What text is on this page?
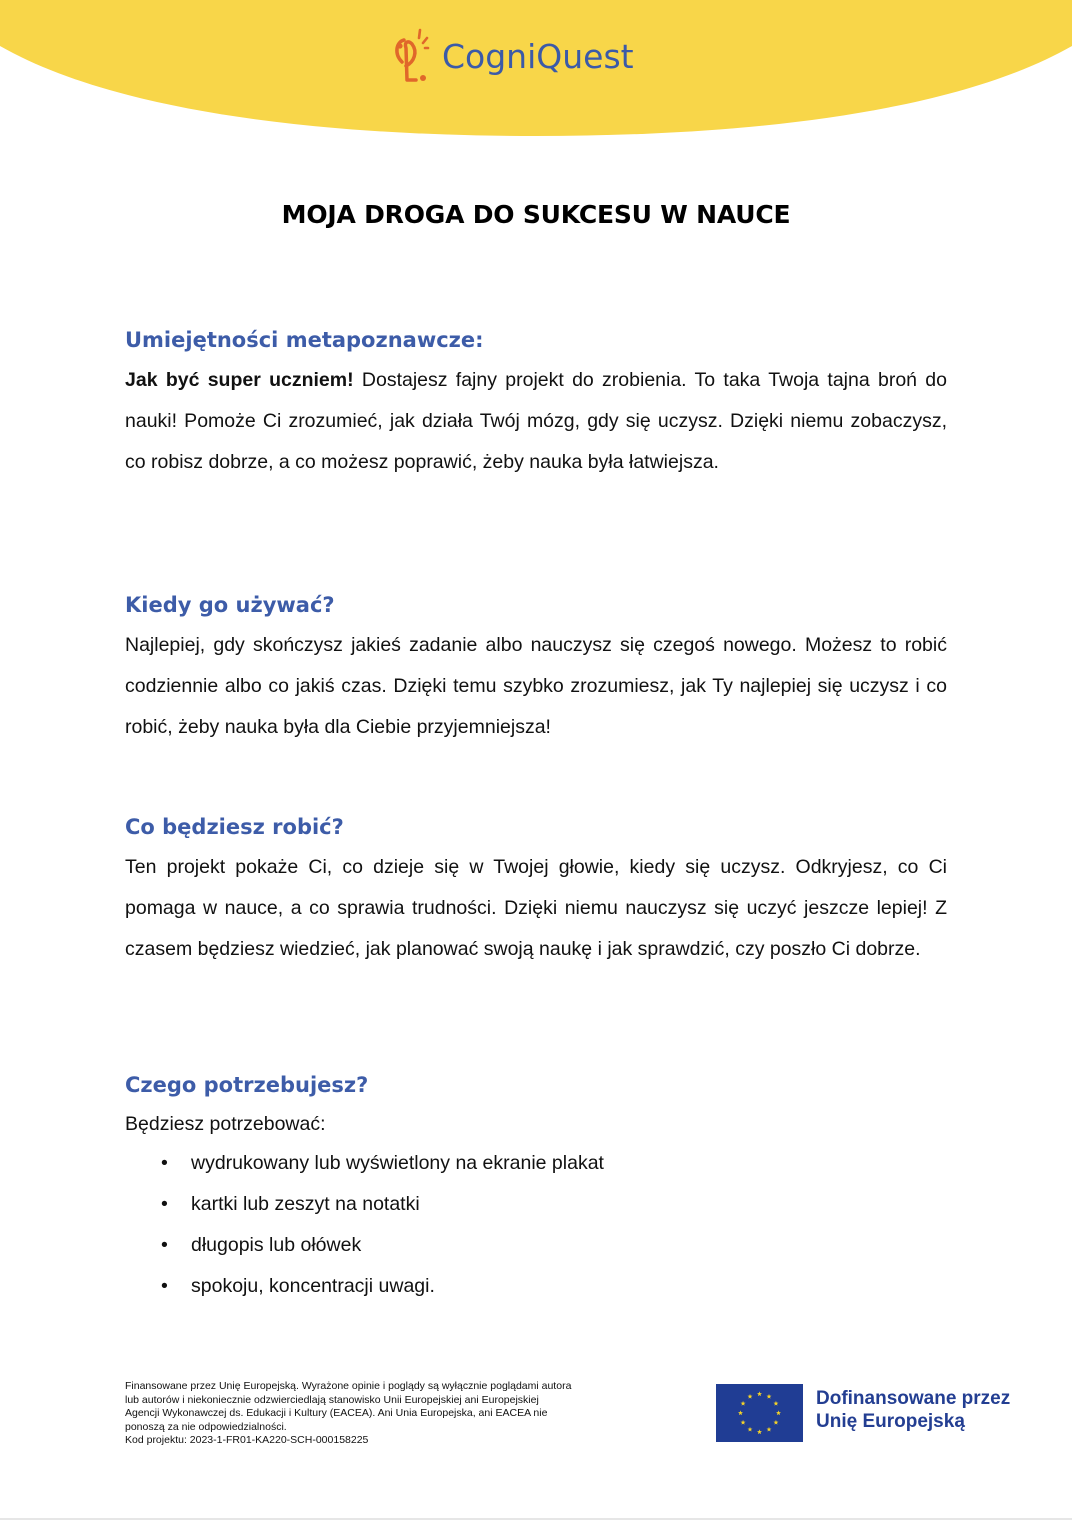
CogniQuest
MOJA DROGA DO SUKCESU W NAUCE
Umiejętności metapoznawcze:

Jak być super uczniem! Dostajesz fajny projekt do zrobienia. To taka Twoja tajna broń do nauki! Pomoże Ci zrozumieć, jak działa Twój mózg, gdy się uczysz. Dzięki niemu zobaczysz, co robisz dobrze, a co możesz poprawić, żeby nauka była łatwiejsza.

Kiedy go używać?

Najlepiej, gdy skończysz jakieś zadanie albo nauczysz się czegoś nowego. Możesz to robić codziennie albo co jakiś czas. Dzięki temu szybko zrozumiesz, jak Ty najlepiej się uczysz i co robić, żeby nauka była dla Ciebie przyjemniejsza!

Co będziesz robić?

Ten projekt pokaże Ci, co dzieje się w Twojej głowie, kiedy się uczysz. Odkryjesz, co Ci pomaga w nauce, a co sprawia trudności. Dzięki niemu nauczysz się uczyć jeszcze lepiej! Z czasem będziesz wiedzieć, jak planować swoją naukę i jak sprawdzić, czy poszło Ci dobrze.

Czego potrzebujesz?

Będziesz potrzebować:

• wydrukowany lub wyświetlony na ekranie plakat
• kartki lub zeszyt na notatki
• długopis lub ołówek
• spokoju, koncentracji uwagi.
Finansowane przez Unię Europejską. Wyrażone opinie i poglądy są wyłącznie poglądami autora
lub autorów i niekoniecznie odzwierciedlają stanowisko Unii Europejskiej ani Europejskiej
Agencji Wykonawczej ds. Edukacji i Kultury (EACEA). Ani Unia Europejska, ani EACEA nie
ponoszą za nie odpowiedzialności.
Kod projektu: 2023-1-FR01-KA220-SCH-000158225
Dofinansowane przez
Unię Europejską
